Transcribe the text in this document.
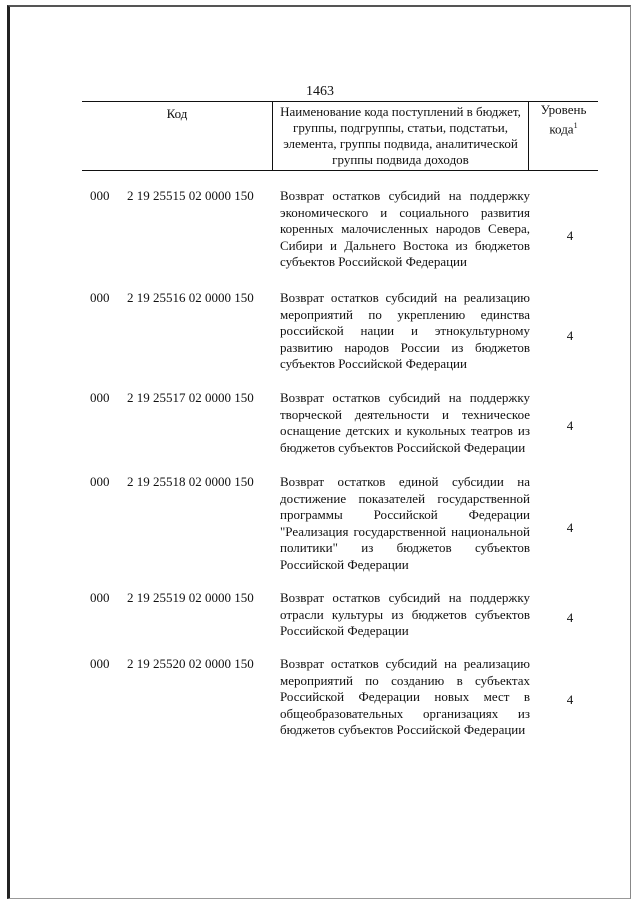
1463
Код	Наименование кода поступлений в бюджет, группы, подгруппы, статьи, подстатьи, элемента, группы подвида, аналитической группы подвида доходов
Уровень кода$^1$
000 2 19 25515 02 0000 150 Возврат остатков субсидий на поддержку экономического и социального развития коренных малочисленных народов Севера, Сибири и Дальнего Востока из бюджетов субъектов Российской Федерации
4
000 2 19 25516 02 0000 150 Возврат остатков субсидий на реализацию мероприятий по укреплению единства российской нации и этнокультурному развитию народов России из бюджетов субъектов Российской Федерации
4
000 2 19 25517 02 0000 150 Возврат остатков субсидий на поддержку творческой деятельности и техническое оснащение детских и кукольных театров из бюджетов субъектов Российской Федерации
4
000 2 19 25518 02 0000 150 Возврат остатков единой субсидии на достижение показателей государственной программы Российской Федерации "Реализация государственной национальной политики" из бюджетов субъектов Российской Федерации
4
000 2 19 25519 02 0000 150 Возврат остатков субсидий на поддержку отрасли культуры из бюджетов субъектов Российской Федерации
4
000 2 19 25520 02 0000 150 Возврат остатков субсидий на реализацию мероприятий по созданию в субъектах Российской Федерации новых мест в общеобразовательных организациях из бюджетов субъектов Российской Федерации
4
